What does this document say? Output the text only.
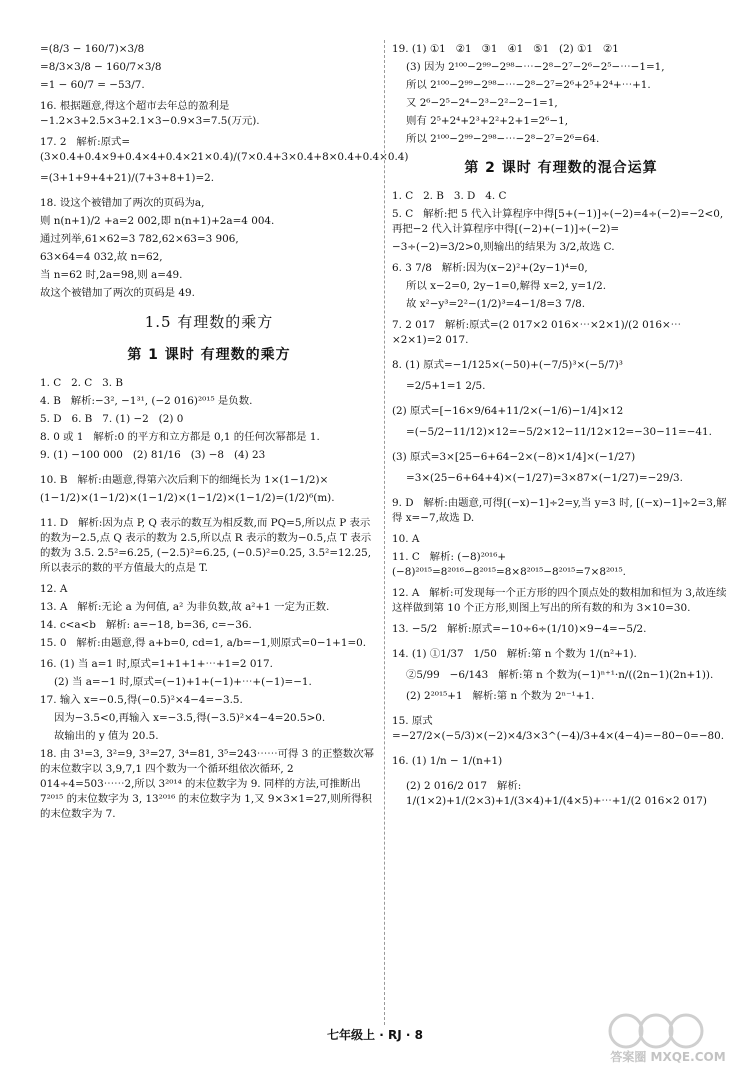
=(8/3 − 160/7)×3/8
=8/3×3/8 − 160/7×3/8
=1 − 60/7 = −53/7.
16. 根据题意,得这个超市去年总的盈利是−1.2×3+2.5×3+2.1×3−0.9×3=7.5(万元).
17. 2   解析:原式=(3×0.4+0.4×9+0.4×4+0.4×21×0.4)/(7×0.4+3×0.4+8×0.4+0.4×0.4)
=(3+1+9+4+21)/(7+3+8+1)=2.
18. 设这个被错加了两次的页码为a,
则 n(n+1)/2 +a=2 002,即 n(n+1)+2a=4 004.
通过列举,61×62=3 782,62×63=3 906,
63×64=4 032,故 n=62,
当 n=62 时,2a=98,则 a=49.
故这个被错加了两次的页码是 49.
1.5 有理数的乘方
第 1 课时 有理数的乘方
1. C   2. C   3. B
4. B   解析:−3², −1³¹, (−2 016)²⁰¹⁵ 是负数.
5. D   6. B   7. (1) −2   (2) 0
8. 0 或 1   解析:0 的平方和立方都是 0,1 的任何次幂都是 1.
9. (1) −100 000   (2) 81/16   (3) −8   (4) 23
10. B   解析:由题意,得第六次后剩下的细绳长为 1×(1−1/2)×
(1−1/2)×(1−1/2)×(1−1/2)×(1−1/2)×(1−1/2)=(1/2)⁶(m).
11. D   解析:因为点 P, Q 表示的数互为相反数,而 PQ=5,所以点 P 表示的数为−2.5,点 Q 表示的数为 2.5,所以点 R 表示的数为−0.5,点 T 表示的数为 3.5. 2.5²=6.25, (−2.5)²=6.25, (−0.5)²=0.25, 3.5²=12.25,所以表示的数的平方值最大的点是 T.
12. A
13. A   解析:无论 a 为何值, a² 为非负数,故 a²+1 一定为正数.
14. c<a<b   解析: a=−18, b=36, c=−36.
15. 0   解析:由题意,得 a+b=0, cd=1, a/b=−1,则原式=0−1+1=0.
16. (1) 当 a=1 时,原式=1+1+1+⋯+1=2 017.
(2) 当 a=−1 时,原式=(−1)+1+(−1)+⋯+(−1)=−1.
17. 输入 x=−0.5,得(−0.5)²×4−4=−3.5.
因为−3.5<0,再输入 x=−3.5,得(−3.5)²×4−4=20.5>0.
故输出的 y 值为 20.5.
18. 由 3¹=3, 3²=9, 3³=27, 3⁴=81, 3⁵=243⋯⋯可得 3 的正整数次幂的末位数字以 3,9,7,1 四个数为一个循环组依次循环, 2 014÷4=503⋯⋯2,所以 3²⁰¹⁴ 的末位数字为 9. 同样的方法,可推断出 7²⁰¹⁵ 的末位数字为 3, 13²⁰¹⁶ 的末位数字为 1,又 9×3×1=27,则所得积的末位数字为 7.
19. (1) ①1   ②1   ③1   ④1   ⑤1   (2) ①1   ②1
(3) 因为 2¹⁰⁰−2⁹⁹−2⁹⁸−⋯−2⁸−2⁷−2⁶−2⁵−⋯−1=1,
所以 2¹⁰⁰−2⁹⁹−2⁹⁸−⋯−2⁸−2⁷=2⁶+2⁵+2⁴+⋯+1.
又 2⁶−2⁵−2⁴−2³−2²−2−1=1,
则有 2⁵+2⁴+2³+2²+2+1=2⁶−1,
所以 2¹⁰⁰−2⁹⁹−2⁹⁸−⋯−2⁸−2⁷=2⁶=64.
第 2 课时 有理数的混合运算
1. C   2. B   3. D   4. C
5. C   解析:把 5 代入计算程序中得[5+(−1)]÷(−2)=4÷(−2)=−2<0,再把−2 代入计算程序中得[(−2)+(−1)]÷(−2)=
−3÷(−2)=3/2>0,则输出的结果为 3/2,故选 C.
6. 3 7/8   解析:因为(x−2)²+(2y−1)⁴=0,
所以 x−2=0, 2y−1=0,解得 x=2, y=1/2.
故 x²−y³=2²−(1/2)³=4−1/8=3 7/8.
7. 2 017   解析:原式=(2 017×2 016×⋯×2×1)/(2 016×⋯×2×1)=2 017.
8. (1) 原式=−1/125×(−50)+(−7/5)³×(−5/7)³
=2/5+1=1 2/5.
(2) 原式=[−16×9/64+11/2×(−1/6)−1/4]×12
=(−5/2−11/12)×12=−5/2×12−11/12×12=−30−11=−41.
(3) 原式=3×[25−6+64−2×(−8)×1/4]×(−1/27)
=3×(25−6+64+4)×(−1/27)=3×87×(−1/27)=−29/3.
9. D   解析:由题意,可得[(−x)−1]÷2=y,当 y=3 时, [(−x)−1]÷2=3,解得 x=−7,故选 D.
10. A
11. C   解析: (−8)²⁰¹⁶+(−8)²⁰¹⁵=8²⁰¹⁶−8²⁰¹⁵=8×8²⁰¹⁵−8²⁰¹⁵=7×8²⁰¹⁵.
12. A   解析:可发现每一个正方形的四个顶点处的数相加和恒为 3,故连续这样做到第 10 个正方形,则图上写出的所有数的和为 3×10=30.
13. −5/2   解析:原式=−10÷6÷(1/10)×9−4=−5/2.
14. (1) ①1/37   1/50   解析:第 n 个数为 1/(n²+1).
②5/99   −6/143   解析:第 n 个数为(−1)ⁿ⁺¹·n/((2n−1)(2n+1)).
(2) 2²⁰¹⁵+1   解析:第 n 个数为 2ⁿ⁻¹+1.
15. 原式=−27/2×(−5/3)×(−2)×4/3×3^(−4)/3+4×(4−4)=−80−0=−80.
16. (1) 1/n − 1/(n+1)
(2) 2 016/2 017   解析: 1/(1×2)+1/(2×3)+1/(3×4)+1/(4×5)+⋯+1/(2 016×2 017)
七年级上 · RJ · 8
答案圈 MXQE.COM
